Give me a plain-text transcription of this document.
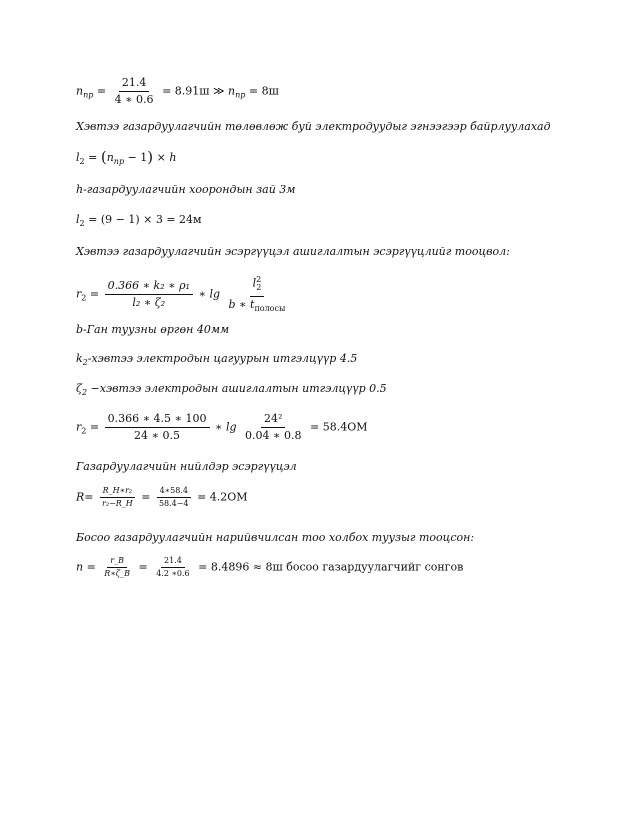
$n_{пр} = \frac{21.4}{4 ∗ 0.6} = 8.91ш$ ≫ $n_{пр} = 8ш$
Хэвтээ газардуулагчийн төлөвлөж буй электродуудыг эгнээгээр байрлуулахад
$l_2 = (n_{пр} - 1) \times h$
h-газардуулагчийн хоорондын зай 3м
$l_2 = (9 - 1) \times 3 = 24м$
Хэвтээ газардуулагчийн эсэргүүцэл ашиглалтын эсэргүүцлийг тооцвол:
$r_2 = \frac{\text{0.366 ∗ k₂ ∗ ρ₁}}{\text{l₂ ∗ ζ₂}}$ ∗ $\lg \frac{l^2_2}{b ∗ t_{полосы}}$
b-Ган туузны өргөн 40мм
$k_2$-хэвтээ электродын цагуурын итгэлцүүр 4.5
$\zeta_2$ −хэвтээ электродын ашиглалтын итгэлцүүр 0.5
$r_2 = \frac{0.366 ∗ 4.5 ∗ 100}{24 ∗ 0.5}$ ∗ $\lg \frac{\text{24²}}{0.04 ∗ 0.8} = 58.4ОМ$
Газардуулагчийн нийлдэр эсэргүүцэл
$R= \frac{\text{R\_H∗r₂}}{\text{r₂−R\_H}} = \frac{4∗58.4}{58.4-4} = 4.2ОМ$
Босоо газардуулагчийн нарийвчилсан тоо холбох туузыг тооцсон:
$n = \frac{r\_B}{R∗\zeta\_B} = \frac{21.4}{4.2 ∗0.6} = 8.4896 \approx 8ш$ босоо газардуулагчийг сонгов
